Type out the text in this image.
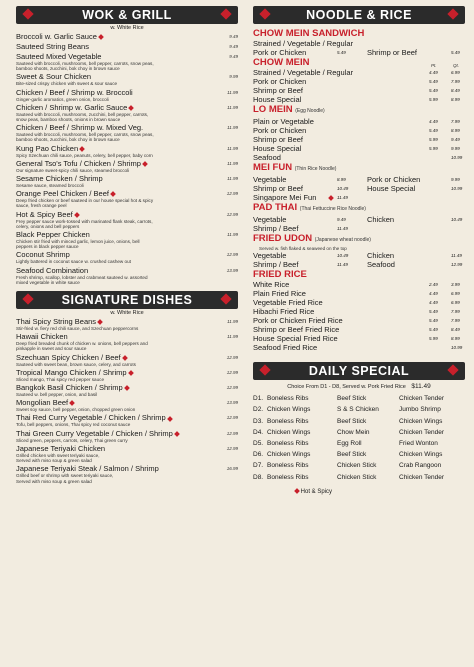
WOK & GRILL
w. White Rice
Broccoli w. Garlic Sauce	9.49
Sauteed String Beans	9.49
Sauteed Mixed Vegetable	9.49
Sauteed with broccoli, mushrooms, bell pepper, carrots, snow peas,
bamboo shoots, zucchini, bok choy in brown sauce
Sweet & Sour Chicken	9.99
Bite-sized crispy chicken with sweet & sour sauce
Chicken / Beef / Shrimp w. Broccoli	11.99
Ginger-garlic aromatics, green onion, broccoli
Chicken / Shrimp w. Garlic Sauce	11.99
Sauteed with broccoli, mushrooms, zucchini, bell pepper, carrots,
snow peas, bamboo shoots, onions in brown sauce
Chicken / Beef / Shrimp w. Mixed Veg.	11.99
Sauteed with broccoli, mushrooms, bell pepper, carrots, snow peas,
bamboo shoots, zucchini, bok choy in brown sauce
Kung Pao Chicken	11.99
Spicy Szechuan chili sauce, peanuts, celery, bell pepper, baby corn
General Tso's Tofu / Chicken / Shrimp	11.99
Our signature sweet-spicy chili sauce, steamed broccoli
Sesame Chicken / Shrimp	11.99
Sesame sauce, steamed broccoli
Orange Peel Chicken / Beef	12.99
Deep fried chicken or beef sauteed in our house special hot & spicy
sauce, fresh orange peel
Hot & Spicy Beef	12.99
Frey pepper sauce work-tossed with marinated flank steak, carrots,
celery, onions and bell peppers
Black Pepper Chicken	11.99
Chicken stir fried with minced garlic, lemon juice, onions, bell
peppers in black pepper sauce
Coconut Shrimp	12.99
Lightly battered in coconut sauce w. crushed cashew out
Seafood Combination	13.99
Fresh shrimp, scallop, lobster and crabmeat sauteed w. assorted
mixed vegetable in white sauce
SIGNATURE DISHES
w. White Rice
Thai Spicy String Beans	11.99
Stir-fried w. fiery red chili sauce, and Szechuan peppercorns
Hawaii Chicken	11.99
Deep fried breaded chunk of chicken w. onions, bell peppers and
pinkapple in sweet and sour sauce
Szechuan Spicy Chicken / Beef	12.99
Sauteed with sweet bean, brown sauce, celery, and carrots
Tropical Mango Chicken / Shrimp	12.99
Sliced mango, Thai spicy red pepper sauce
Bangkok Basil Chicken / Shrimp	12.99
Sauteed w. bell pepper, onion, and basil
Mongolian Beef	13.99
Sweet soy sauce, bell pepper, onion, chopped green onion
Thai Red Curry Vegetable / Chicken / Shrimp	12.99
Tofu, bell peppers, onions, Thai spicy red coconut sauce
Thai Green Curry Vegetable / Chicken / Shrimp	12.99
Sliced green, peppers, carrots, celery, Thai green curry
Japanese Teriyaki Chicken	12.99
Grilled chicken with sweet teriyaki sauce,
Served with miso soup & green salad
Japanese Teriyaki Steak / Salmon / Shrimp	16.99
Grilled beef or shrimp with sweet teriyaki sauce,
Served with miso soup & green salad
NOODLE & RICE
CHOW MEIN SANDWICH
Strained / Vegetable / Regular
Pork or Chicken	5.49	Shrimp or Beef	5.49
CHOW MEIN	Pt.	Qt.
Strained / Vegetable / Regular	4.49	6.99
Pork or Chicken	5.49	7.99
Shrimp or Beef	5.49	8.49
House Special	5.99	8.99
LO MEIN (Egg Noodle)
Plain or Vegetable	4.49	7.99
Pork or Chicken	5.49	8.99
Shrimp or Beef	5.99	9.49
House Special	5.99	9.99
Seafood	10.99
MEI FUN (Thin Rice Noodle)
Vegetable	8.99	Pork or Chicken	9.99
Shrimp or Beef	10.49 House Special	10.99
Singapore Mei Fun	11.49
PAD THAI (Thai Fettuccine Rice Noodle)
Vegetable	9.49	Chicken	10.49
Shrimp / Beef	11.49
FRIED UDON (Japanese wheat noodle)
Served w. fish flaked & seaweed on the top
Vegetable	10.49 Chicken	11.49
Shrimp / Beef	11.49	Seafood	12.99
FRIED RICE
White Rice	2.49	3.99
Plain Fried Rice	4.49	6.99
Vegetable Fried Rice	4.49	6.99
Hibachi Fried Rice	5.49	7.99
Pork or Chicken Fried Rice	5.49	7.99
Shrimp or Beef Fried Rice	5.49	8.49
House Special Fried Rice	5.99	8.99
Seafood Fried Rice	10.99
DAILY SPECIAL
Choice From D1 - D8, Served w. Pork Fried Rice $11.49
D1. Boneless Ribs	Beef Stick	Chicken Tender
D2. Chicken Wings	S & S Chicken	Jumbo Shrimp
D3. Boneless Ribs	Beef Stick	Chicken Wings
D4. Chicken Wings	Chow Mein	Chicken Tender
D5. Boneless Ribs	Egg Roll	Fried Wonton
D6. Chicken Wings	Beef Stick	Chicken Wings
D7. Boneless Ribs	Chicken Stick	Crab Rangoon
D8. Boneless Ribs	Chicken Stick	Chicken Tender
Hot & Spicy
